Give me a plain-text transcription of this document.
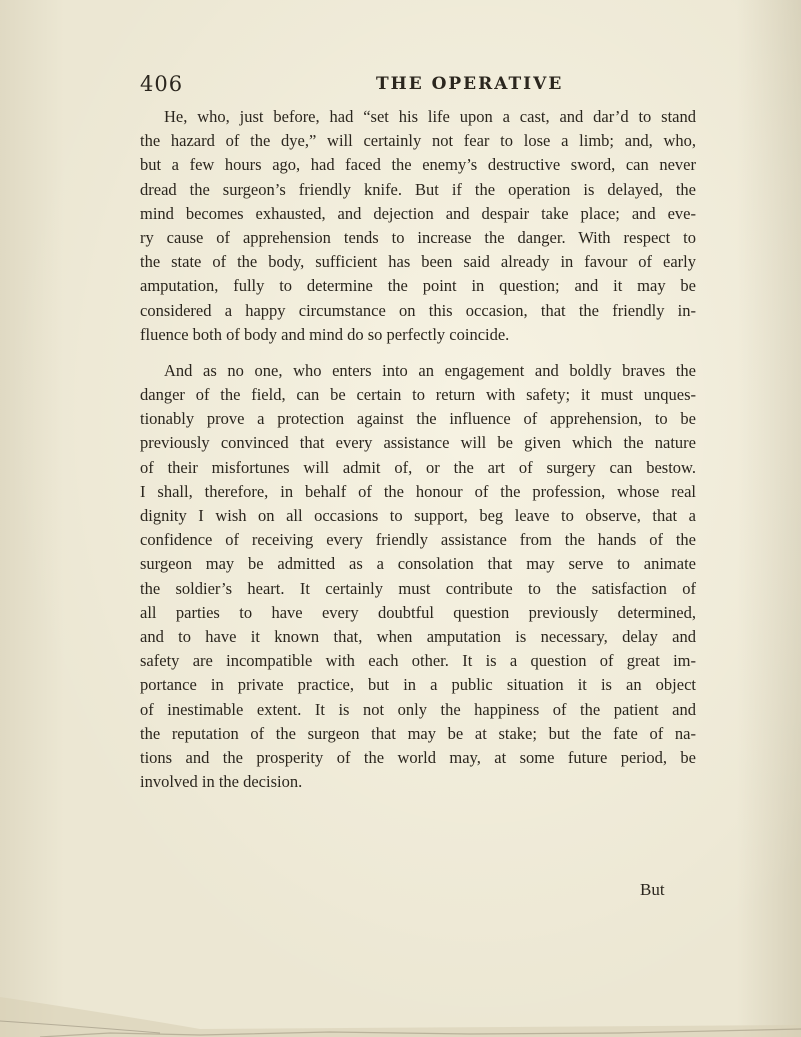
406	THE OPERATIVE
He, who, just before, had “set his life upon a cast, and dar’d to stand
the hazard of the dye,” will certainly not fear to lose a limb; and, who,
but a few hours ago, had faced the enemy’s destructive sword, can never
dread the surgeon’s friendly knife. But if the operation is delayed, the
mind becomes exhausted, and dejection and despair take place; and eve-
ry cause of apprehension tends to increase the danger. With respect to
the state of the body, sufficient has been said already in favour of early
amputation, fully to determine the point in question; and it may be
considered a happy circumstance on this occasion, that the friendly in-
fluence both of body and mind do so perfectly coincide.
And as no one, who enters into an engagement and boldly braves the
danger of the field, can be certain to return with safety; it must unques-
tionably prove a protection against the influence of apprehension, to be
previously convinced that every assistance will be given which the nature
of their misfortunes will admit of, or the art of surgery can bestow.
I shall, therefore, in behalf of the honour of the profession, whose real
dignity I wish on all occasions to support, beg leave to observe, that a
confidence of receiving every friendly assistance from the hands of the
surgeon may be admitted as a consolation that may serve to animate
the soldier’s heart. It certainly must contribute to the satisfaction of
all parties to have every doubtful question previously determined,
and to have it known that, when amputation is necessary, delay and
safety are incompatible with each other. It is a question of great im-
portance in private practice, but in a public situation it is an object
of inestimable extent. It is not only the happiness of the patient and
the reputation of the surgeon that may be at stake; but the fate of na-
tions and the prosperity of the world may, at some future period, be
involved in the decision.
But
